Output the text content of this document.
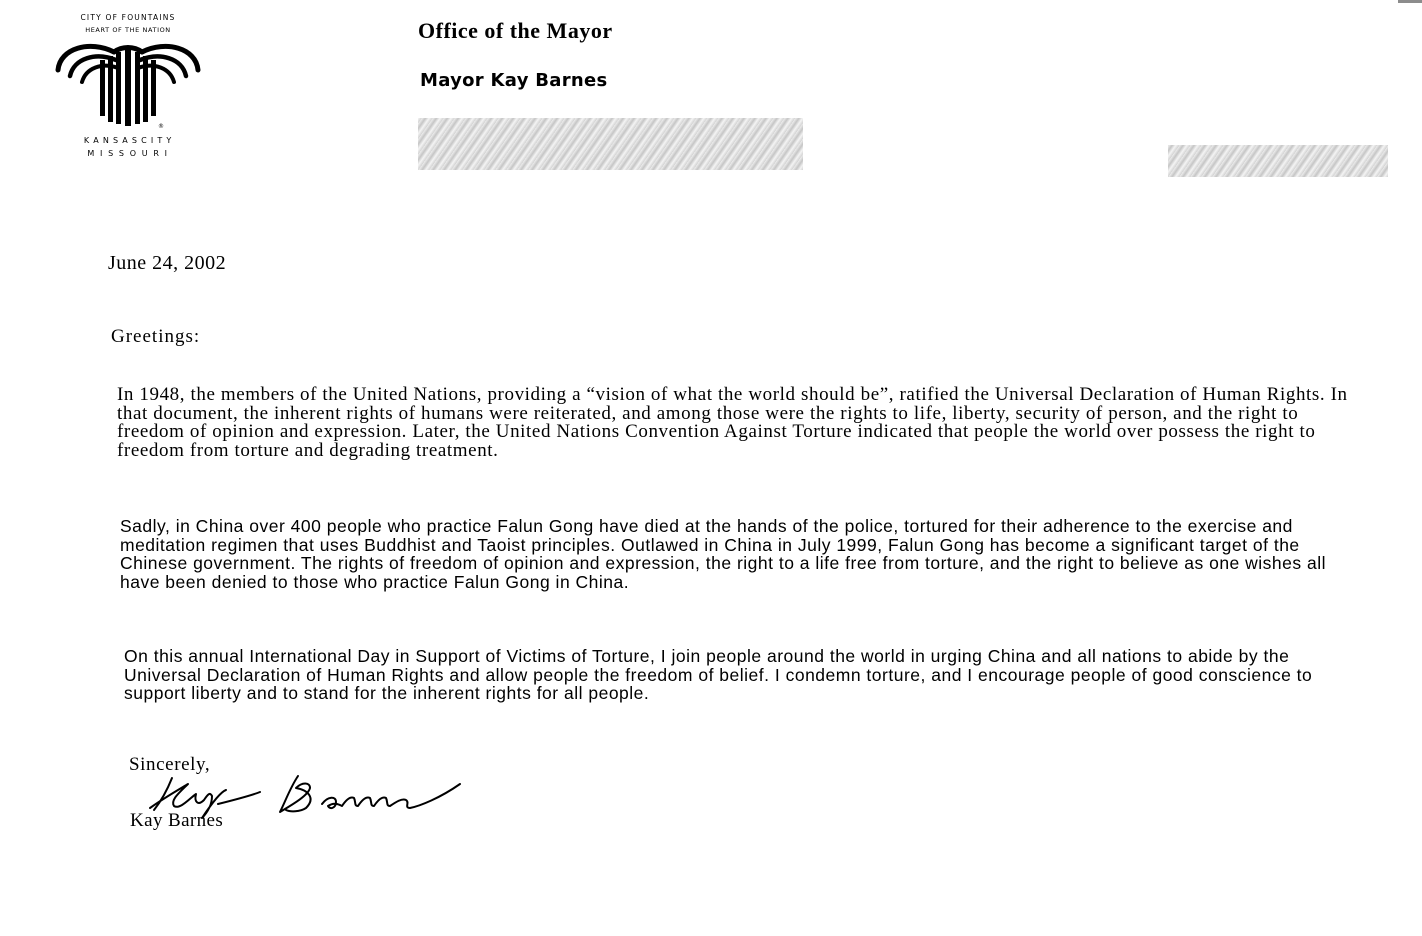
CITY OF FOUNTAINS
HEART OF THE NATION
®
K A N S A S C I T Y
M I S S O U R I
Office of the Mayor
Mayor Kay Barnes
June 24, 2002
Greetings:

In 1948, the members of the United Nations, providing a “vision of what the world should be”, ratified the Universal Declaration of Human Rights. In that document, the inherent rights of humans were reiterated, and among those were the rights to life, liberty, security of person, and the right to freedom of opinion and expression. Later, the United Nations Convention Against Torture indicated that people the world over possess the right to freedom from torture and degrading treatment.

Sadly, in China over 400 people who practice Falun Gong have died at the hands of the police, tortured for their adherence to the exercise and meditation regimen that uses Buddhist and Taoist principles. Outlawed in China in July 1999, Falun Gong has become a significant target of the Chinese government. The rights of freedom of opinion and expression, the right to a life free from torture, and the right to believe as one wishes all have been denied to those who practice Falun Gong in China.

On this annual International Day in Support of Victims of Torture, I join people around the world in urging China and all nations to abide by the Universal Declaration of Human Rights and allow people the freedom of belief. I condemn torture, and I encourage people of good conscience to support liberty and to stand for the inherent rights for all people.

Sincerely,
Kay Barnes
